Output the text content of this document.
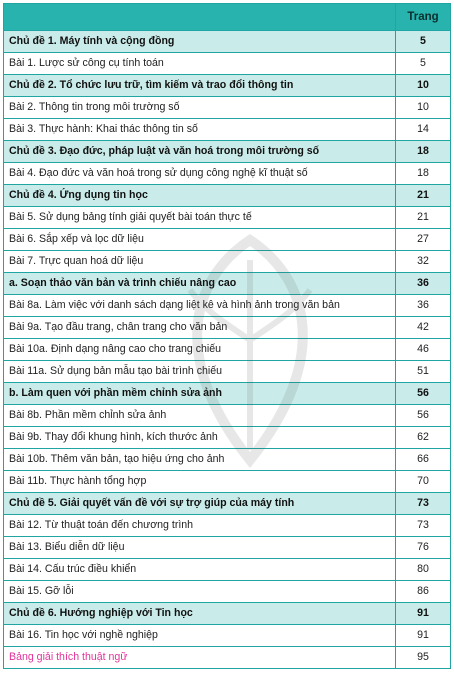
	Trang
Chủ đề 1. Máy tính và cộng đồng	5
Bài 1. Lược sử công cụ tính toán	5
Chủ đề 2. Tổ chức lưu trữ, tìm kiếm và trao đổi thông tin	10
Bài 2. Thông tin trong môi trường số	10
Bài 3. Thực hành: Khai thác thông tin số	14
Chủ đề 3. Đạo đức, pháp luật và văn hoá trong môi trường số	18
Bài 4. Đạo đức và văn hoá trong sử dụng công nghệ kĩ thuật số	18
Chủ đề 4. Ứng dụng tin học	21
Bài 5. Sử dụng bảng tính giải quyết bài toán thực tế	21
Bài 6. Sắp xếp và lọc dữ liệu	27
Bài 7. Trực quan hoá dữ liệu	32
a. Soạn thảo văn bản và trình chiếu nâng cao	36
Bài 8a. Làm việc với danh sách dạng liệt kê và hình ảnh trong văn bản	36
Bài 9a. Tạo đầu trang, chân trang cho văn bản	42
Bài 10a. Định dạng nâng cao cho trang chiếu	46
Bài 11a. Sử dụng bản mẫu tạo bài trình chiếu	51
b. Làm quen với phần mềm chỉnh sửa ảnh	56
Bài 8b. Phần mềm chỉnh sửa ảnh	56
Bài 9b. Thay đổi khung hình, kích thước ảnh	62
Bài 10b. Thêm văn bản, tạo hiệu ứng cho ảnh	66
Bài 11b. Thực hành tổng hợp	70
Chủ đề 5. Giải quyết vấn đề với sự trợ giúp của máy tính	73
Bài 12. Từ thuật toán đến chương trình	73
Bài 13. Biểu diễn dữ liệu	76
Bài 14. Cấu trúc điều khiển	80
Bài 15. Gỡ lỗi	86
Chủ đề 6. Hướng nghiệp với Tin học	91
Bài 16. Tin học với nghề nghiệp	91
Bảng giải thích thuật ngữ	95
